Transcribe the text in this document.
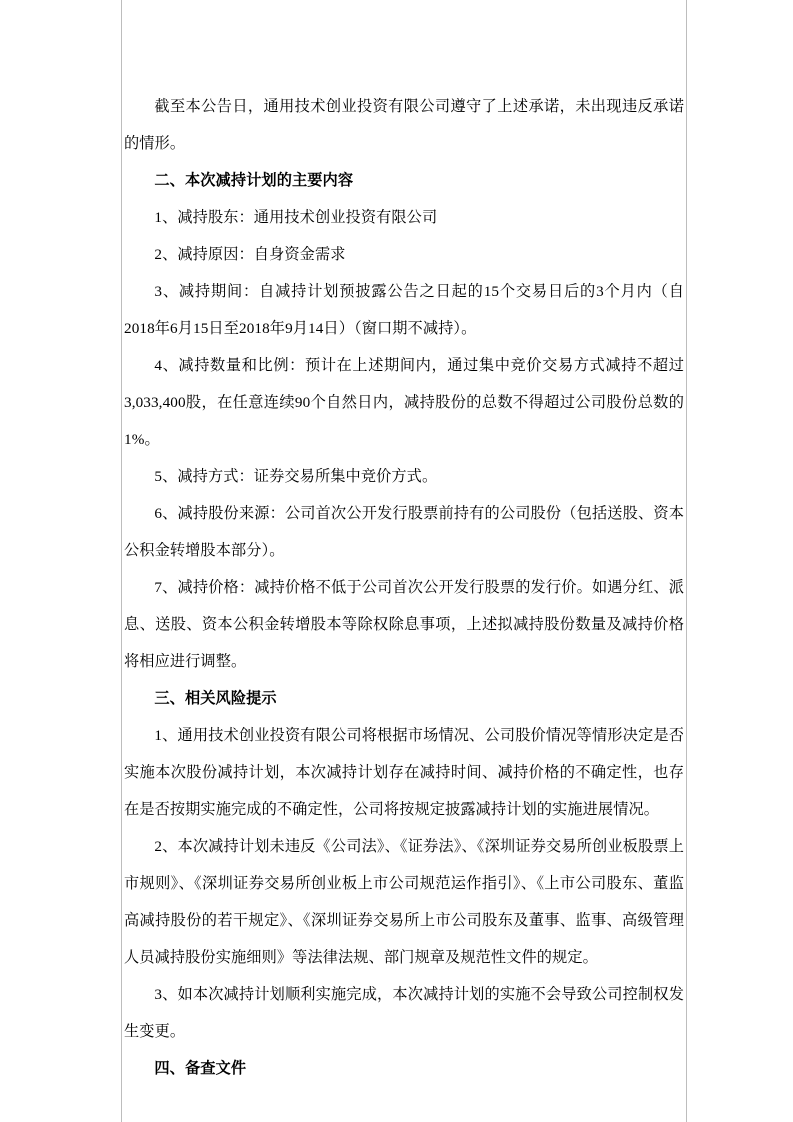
截至本公告日，通用技术创业投资有限公司遵守了上述承诺，未出现违反承诺的情形。

二、本次减持计划的主要内容

1、减持股东：通用技术创业投资有限公司

2、减持原因：自身资金需求

3、减持期间：自减持计划预披露公告之日起的15个交易日后的3个月内（自2018年6月15日至2018年9月14日）（窗口期不减持）。

4、减持数量和比例：预计在上述期间内，通过集中竞价交易方式减持不超过3,033,400股，在任意连续90个自然日内，减持股份的总数不得超过公司股份总数的1%。

5、减持方式：证券交易所集中竞价方式。

6、减持股份来源：公司首次公开发行股票前持有的公司股份（包括送股、资本公积金转增股本部分）。

7、减持价格：减持价格不低于公司首次公开发行股票的发行价。如遇分红、派息、送股、资本公积金转增股本等除权除息事项，上述拟减持股份数量及减持价格将相应进行调整。

三、相关风险提示

1、通用技术创业投资有限公司将根据市场情况、公司股价情况等情形决定是否实施本次股份减持计划，本次减持计划存在减持时间、减持价格的不确定性，也存在是否按期实施完成的不确定性，公司将按规定披露减持计划的实施进展情况。

2、本次减持计划未违反《公司法》、《证券法》、《深圳证券交易所创业板股票上市规则》、《深圳证券交易所创业板上市公司规范运作指引》、《上市公司股东、董监高减持股份的若干规定》、《深圳证券交易所上市公司股东及董事、监事、高级管理人员减持股份实施细则》等法律法规、部门规章及规范性文件的规定。

3、如本次减持计划顺利实施完成，本次减持计划的实施不会导致公司控制权发生变更。

四、备查文件
